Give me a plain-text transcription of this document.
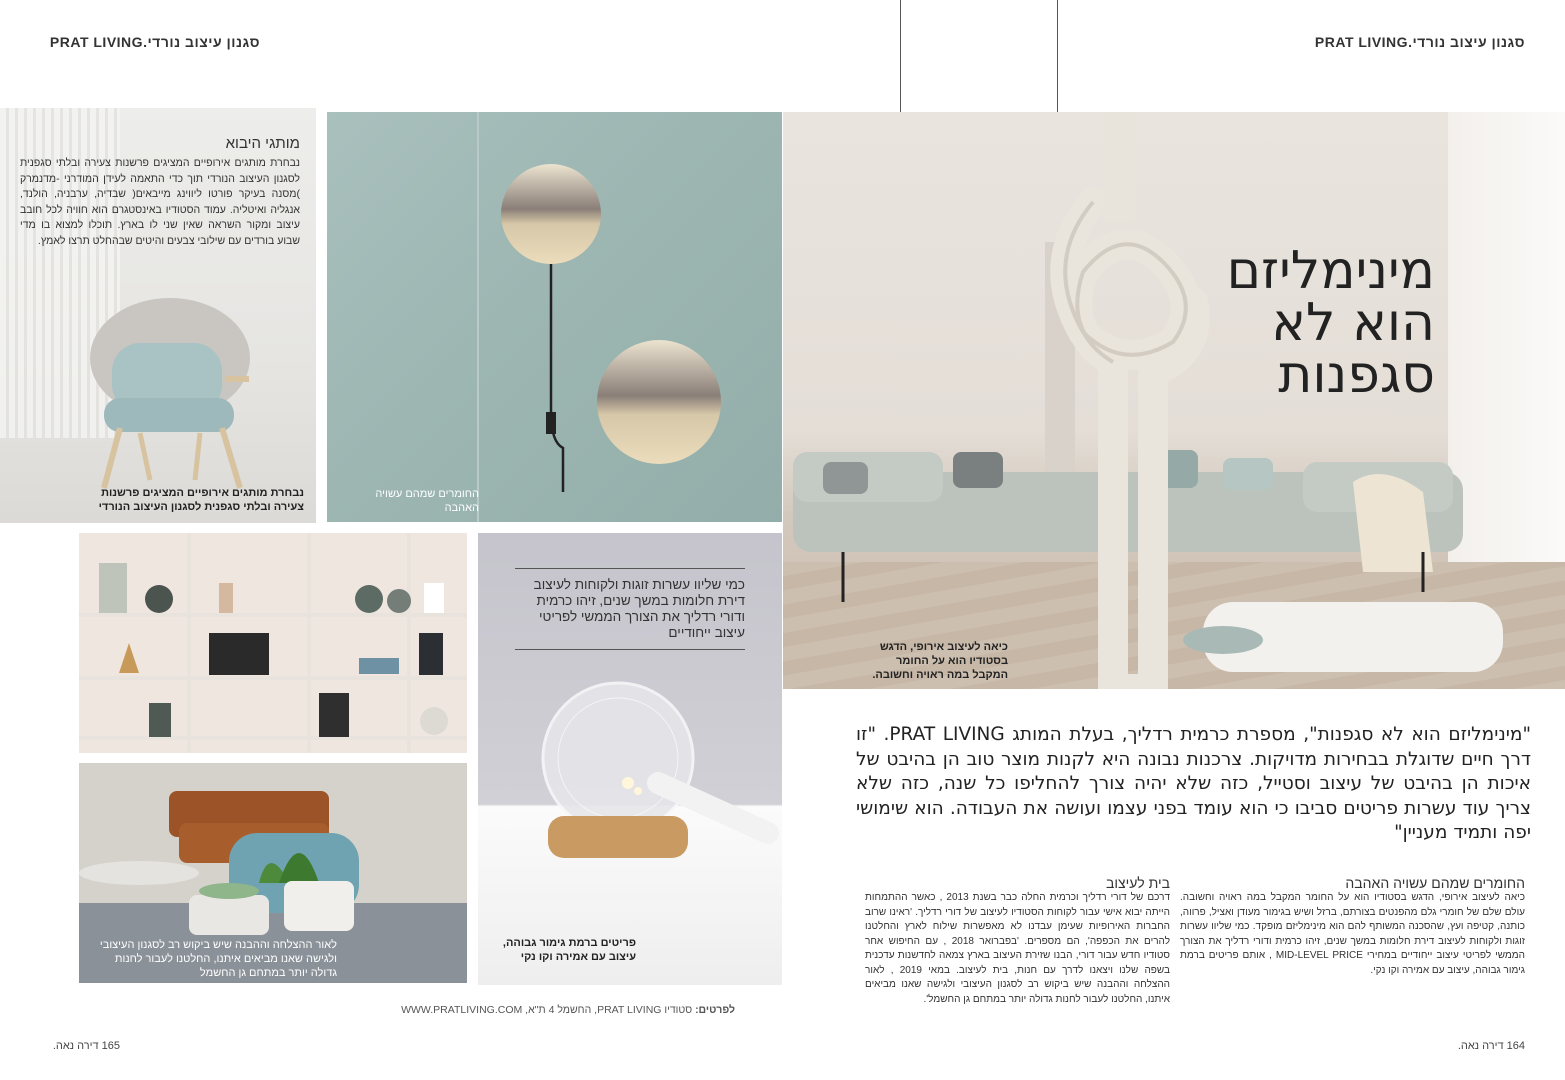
סגנון עיצוב נורדי.PRAT LIVING	סגנון עיצוב נורדי.PRAT LIVING
נבחרת מותגים אירופיים המציגים פרשנות צעירה ובלתי סגפנית לסגנון העיצוב הנורדי
מותגי היבוא
נבחרת מותגים אירופיים המציגים פרשנות צעירה ובלתי סגפנית לסגנון העיצוב הנורדי תוך כדי התאמה לעידן המודרני -מדנמרק )מסנה בעיקר פורטו ליווינג מייבאים( שבדיה, ערבניה, הולנד, אנגליה ואיטליה. עמוד הסטודיו באינסטגרם הוא חוויה לכל חובב עיצוב ומקור השראה שאין שני לו בארץ. תוכלו למצוא בו מדי שבוע בורדים עם שילובי צבעים והיטים שבהחלט תרצו לאמץ.
החומרים שמהם עשויה האהבה
כיאה לעיצוב אירופי, הדגש בסטודיו הוא על החומר המקבל במה ראויה וחשובה.
מינימליזם
הוא לא
סגפנות
לאור ההצלחה וההבנה שיש ביקוש רב לסגנון העיצובי ולגישה שאנו מביאים איתנו, החלטנו לעבור לחנות גדולה יותר במתחם גן החשמל
פריטים ברמת גימור גבוהה, עיצוב עם אמירה וקו נקי
כמי שליוו עשרות זוגות ולקוחות לעיצוב דירת חלומות במשך שנים, זיהו כרמית ודורי רדליך את הצורך הממשי לפריטי עיצוב ייחודיים
"מינימליזם הוא לא סגפנות", מספרת כרמית רדליך, בעלת המותג PRAT LIVING. "זו דרך חיים שדוגלת בבחירות מדויקות. צרכנות נבונה היא לקנות מוצר טוב הן בהיבט של איכות הן בהיבט של עיצוב וסטייל, כזה שלא יהיה צורך להחליפו כל שנה, כזה שלא צריך עוד עשרות פריטים סביבו כי הוא עומד בפני עצמו ועושה את העבודה. הוא שימושי יפה ותמיד מעניין"
החומרים שמהם עשויה האהבה
כיאה לעיצוב אירופי, הדגש בסטודיו הוא על החומר המקבל במה ראויה וחשובה. עולם שלם של חומרי גלם מהפנטים בצורתם, ברזל ושיש בגימור מעודן ואציל, פרווה, כותנה, קטיפה ועץ, שהסכנה המשותף להם הוא מינימליזם מופקד. כמי שליוו עשרות זוגות ולקוחות לעיצוב דירת חלומות במשך שנים, זיהו כרמית ודורי רדליך את הצורך הממשי לפריטי עיצוב ייחודיים במחירי MID-LEVEL PRICE , אותם פריטים ברמת גימור גבוהה, עיצוב עם אמירה וקו נקי.
בית לעיצוב
דרכם של דורי רדליך וכרמית החלה כבר בשנת 2013 , כאשר ההתמחות הייתה יבוא אישי עבור לקוחות הסטודיו לעיצוב של דורי רדליך. 'ראינו שרוב החברות האירופיות שעימן עבדנו לא מאפשרות שילוח לארץ והחלטנו להרים את הכפפה', הם מספרים. 'בפברואר 2018 , עם החיפוש אחר סטודיו חדש עבור דורי, הבנו שזירת העיצוב בארץ צמאה לחדשנות עדכנית בשפה שלנו ויצאנו לדרך עם חנות, בית לעיצוב. במאי 2019 , לאור ההצלחה וההבנה שיש ביקוש רב לסגנון העיצובי ולגישה שאנו מביאים איתנו, החלטנו לעבור לחנות גדולה יותר במתחם גן החשמל'.
לפרטים: סטודיו PRAT LIVING, החשמל 4 ת"א, WWW.PRATLIVING.COM
165 דירה נאה.	164 דירה נאה.
